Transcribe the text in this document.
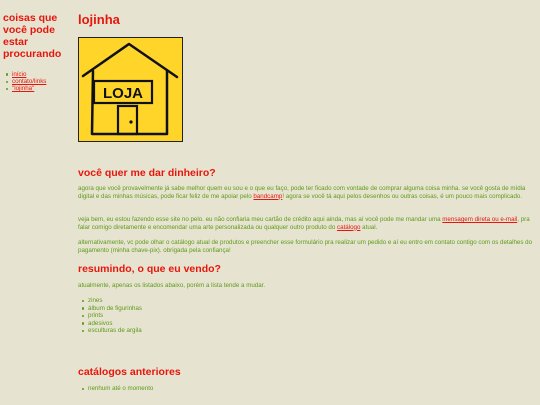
coisas que você pode estar procurando
início
contato/links
"lojinha"
lojinha
LOJA
você quer me dar dinheiro?

agora que você provavelmente já sabe melhor quem eu sou e o que eu faço, pode ter ficado com vontade de comprar alguma coisa minha. se você gosta de mídia digital e das minhas músicas, pode ficar feliz de me apoiar pelo bandcamp! agora se você tá aqui pelos desenhos ou outras coisas, é um pouco mais complicado.

veja bem, eu estou fazendo esse site no pelo. eu não confiaria meu cartão de crédito aqui ainda, mas aí você pode me mandar uma mensagem direta ou e-mail, pra falar comigo diretamente e encomendar uma arte personalizada ou qualquer outro produto do catálogo atual.

alternativamente, vc pode olhar o catálogo atual de produtos e preencher esse formulário pra realizar um pedido e aí eu entro em contato contigo com os detalhes do pagamento (minha chave-pix). obrigada pela confiança!

resumindo, o que eu vendo?

atualmente, apenas os listados abaixo, porém a lista tende a mudar.

zines
álbum de figurinhas
prints
adesivos
esculturas de argila
catálogos anteriores
nenhum até o momento
